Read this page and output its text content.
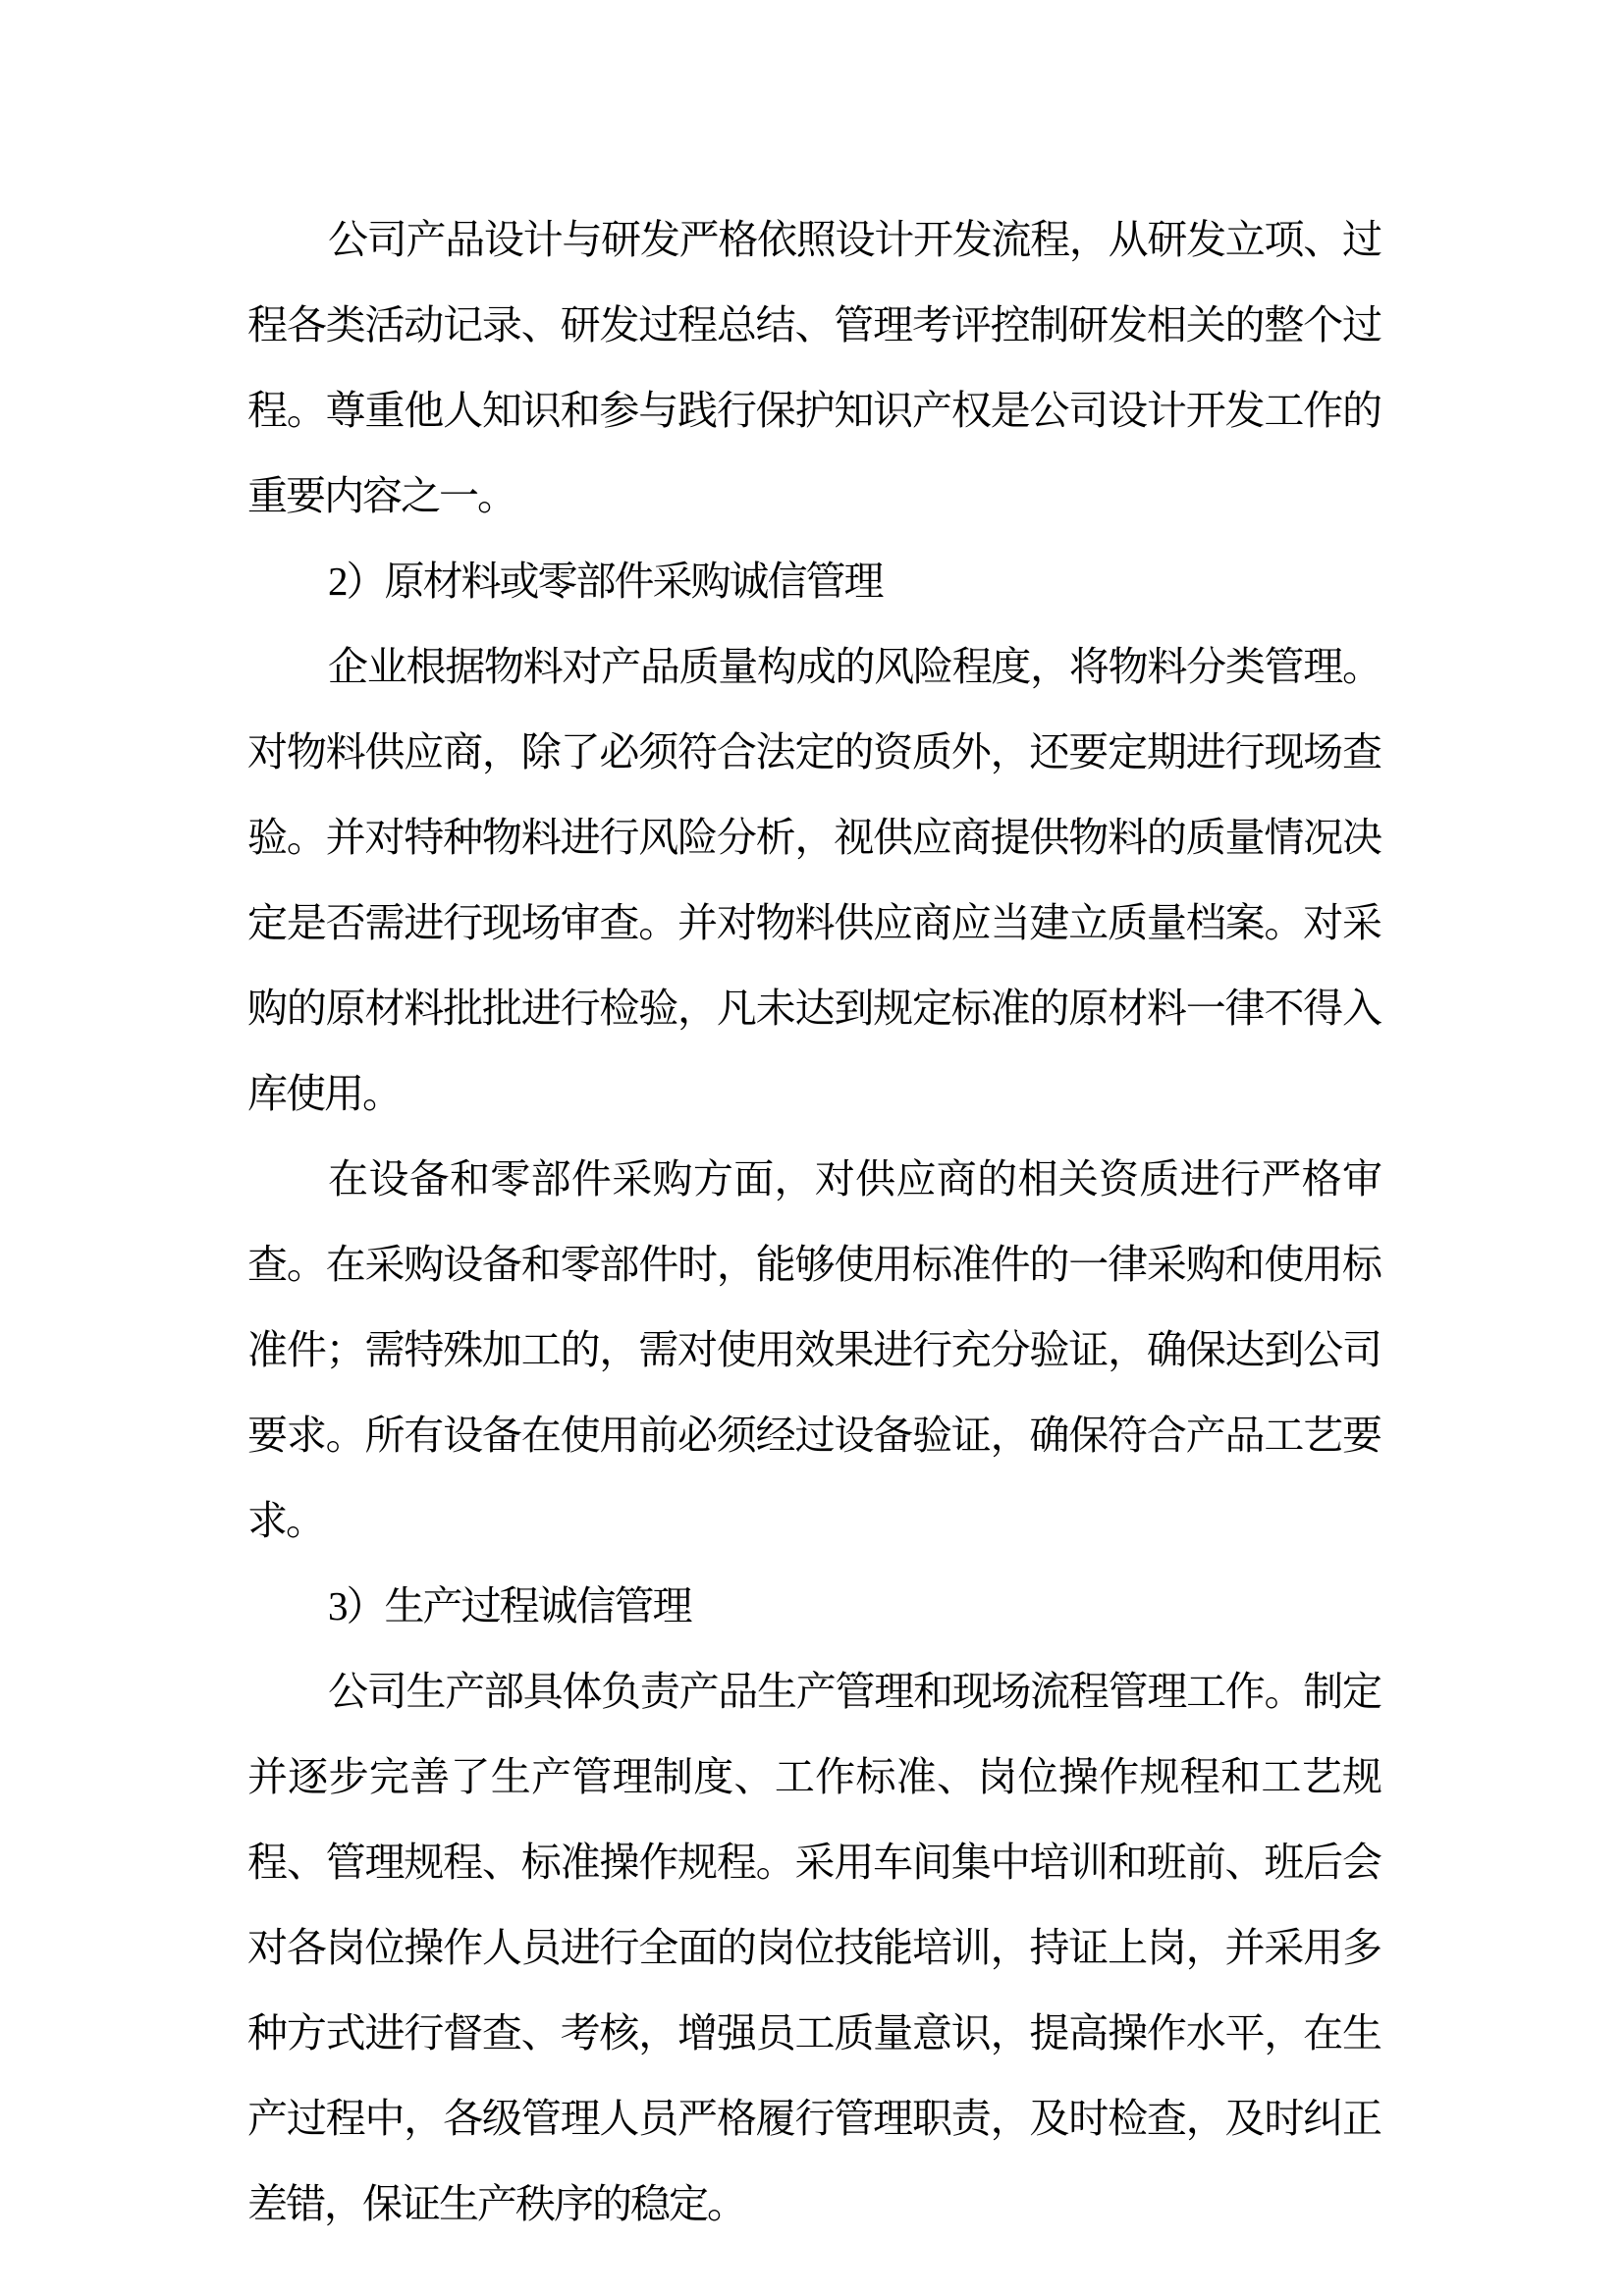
公司产品设计与研发严格依照设计开发流程，从研发立项、过程各类活动记录、研发过程总结、管理考评控制研发相关的整个过程。尊重他人知识和参与践行保护知识产权是公司设计开发工作的重要内容之一。

2）原材料或零部件采购诚信管理

企业根据物料对产品质量构成的风险程度，将物料分类管理。对物料供应商，除了必须符合法定的资质外，还要定期进行现场查验。并对特种物料进行风险分析，视供应商提供物料的质量情况决定是否需进行现场审查。并对物料供应商应当建立质量档案。对采购的原材料批批进行检验，凡未达到规定标准的原材料一律不得入库使用。

在设备和零部件采购方面，对供应商的相关资质进行严格审查。在采购设备和零部件时，能够使用标准件的一律采购和使用标准件；需特殊加工的，需对使用效果进行充分验证，确保达到公司要求。所有设备在使用前必须经过设备验证，确保符合产品工艺要求。

3）生产过程诚信管理

公司生产部具体负责产品生产管理和现场流程管理工作。制定并逐步完善了生产管理制度、工作标准、岗位操作规程和工艺规程、管理规程、标准操作规程。采用车间集中培训和班前、班后会对各岗位操作人员进行全面的岗位技能培训，持证上岗，并采用多种方式进行督查、考核，增强员工质量意识，提高操作水平，在生产过程中，各级管理人员严格履行管理职责，及时检查，及时纠正差错，保证生产秩序的稳定。
